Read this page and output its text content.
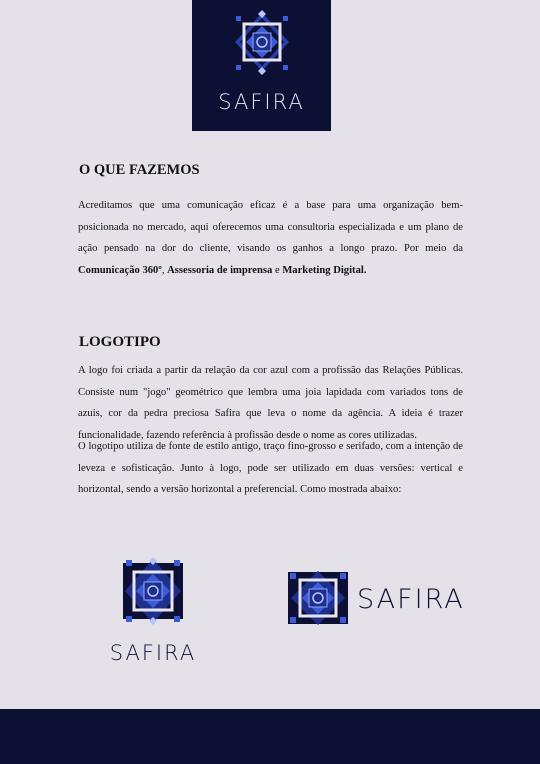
SAFIRA
O QUE FAZEMOS

Acreditamos que uma comunicação eficaz é a base para uma organização bem-posicionada no mercado, aqui oferecemos uma consultoria especializada e um plano de ação pensado na dor do cliente, visando os ganhos a longo prazo. Por meio da Comunicação 360º, Assessoria de imprensa e Marketing Digital.

LOGOTIPO

A logo foi criada a partir da relação da cor azul com a profissão das Relações Públicas. Consiste num "jogo" geométrico que lembra uma joia lapidada com variados tons de azuis, cor da pedra preciosa Safira que leva o nome da agência. A ideia é trazer funcionalidade, fazendo referência à profissão desde o nome as cores utilizadas.

O logotipo utiliza de fonte de estilo antigo, traço fino-grosso e serifado, com a intenção de leveza e sofisticação. Junto à logo, pode ser utilizado em duas versões: vertical e horizontal, sendo a versão horizontal a preferencial. Como mostrada abaixo:

SAFIRA
SAFIRA
